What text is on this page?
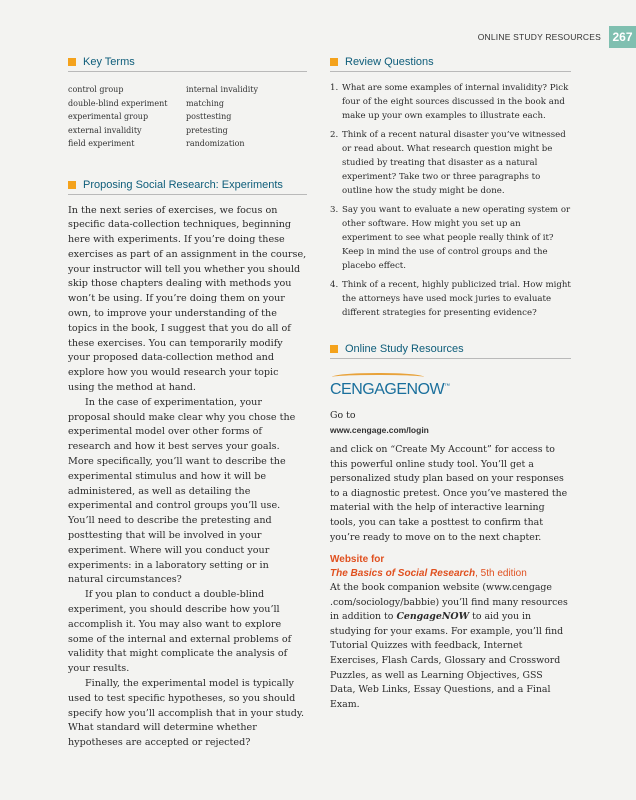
ONLINE STUDY RESOURCES 267
Key Terms
control group	internal invalidity
double-blind experiment	matching
experimental group	posttesting
external invalidity	pretesting
field experiment	randomization
Proposing Social Research: Experiments

In the next series of exercises, we focus on specific data-collection techniques, beginning here with experiments. If you’re doing these exercises as part of an assignment in the course, your instructor will tell you whether you should skip those chapters dealing with methods you won’t be using. If you’re doing them on your own, to improve your understanding of the topics in the book, I suggest that you do all of these exercises. You can temporarily modify your proposed data-collection method and explore how you would research your topic using the method at hand.

In the case of experimentation, your proposal should make clear why you chose the experimental model over other forms of research and how it best serves your goals. More specifically, you’ll want to describe the experimental stimulus and how it will be administered, as well as detailing the experimental and control groups you’ll use. You’ll need to describe the pretesting and posttesting that will be involved in your experiment. Where will you conduct your experiments: in a laboratory setting or in natural circumstances?

If you plan to conduct a double-blind experiment, you should describe how you’ll accomplish it. You may also want to explore some of the internal and external problems of validity that might complicate the analysis of your results.

Finally, the experimental model is typically used to test specific hypotheses, so you should specify how you’ll accomplish that in your study. What standard will determine whether hypotheses are accepted or rejected?

Review Questions
1. What are some examples of internal invalidity? Pick four of the eight sources discussed in the book and make up your own examples to illustrate each.
2. Think of a recent natural disaster you’ve witnessed or read about. What research question might be studied by treating that disaster as a natural experiment? Take two or three paragraphs to outline how the study might be done.
3. Say you want to evaluate a new operating system or other software. How might you set up an experiment to see what people really think of it? Keep in mind the use of control groups and the placebo effect.
4. Think of a recent, highly publicized trial. How might the attorneys have used mock juries to evaluate different strategies for presenting evidence?
Online Study Resources
CENGAGENOW™

Go to

www.cengage.com/login

and click on “Create My Account” for access to this powerful online study tool. You’ll get a personalized study plan based on your responses to a diagnostic pretest. Once you’ve mastered the material with the help of interactive learning tools, you can take a posttest to confirm that you’re ready to move on to the next chapter.

Website for

The Basics of Social Research, 5th edition

At the book companion website (www.cengage .com/sociology/babbie) you’ll find many resources in addition to CengageNOW to aid you in studying for your exams. For example, you’ll find Tutorial Quizzes with feedback, Internet Exercises, Flash Cards, Glossary and Crossword Puzzles, as well as Learning Objectives, GSS Data, Web Links, Essay Questions, and a Final Exam.
